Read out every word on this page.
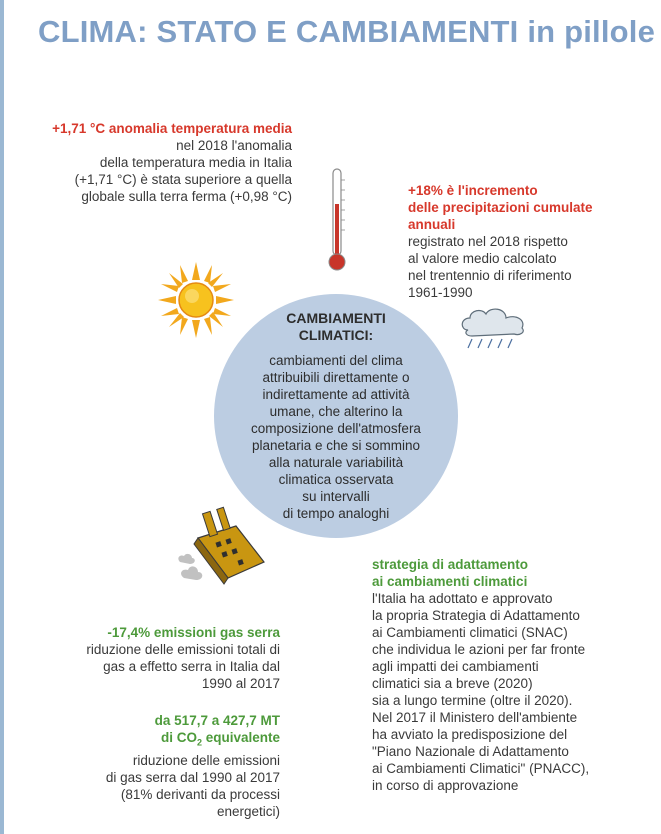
CLIMA: STATO E CAMBIAMENTI in pillole
+1,71 °C anomalia temperatura media
nel 2018 l'anomalia
della temperatura media in Italia
(+1,71 °C) è stata superiore a quella
globale sulla terra ferma (+0,98 °C)	+18% è l'incremento
delle precipitazioni cumulate
annuali
registrato nel 2018 rispetto
al valore medio calcolato
nel trentennio di riferimento
1961-1990
CAMBIAMENTI
CLIMATICI:
cambiamenti del clima
attribuibili direttamente o
indirettamente ad attività
umane, che alterino la
composizione dell'atmosfera
planetaria e che si sommino
alla naturale variabilità
climatica osservata
su intervalli
di tempo analoghi
strategia di adattamento
ai cambiamenti climatici
l'Italia ha adottato e approvato
la propria Strategia di Adattamento
ai Cambiamenti climatici (SNAC)
che individua le azioni per far fronte
agli impatti dei cambiamenti
climatici sia a breve (2020)
sia a lungo termine (oltre il 2020).
Nel 2017 il Ministero dell'ambiente
ha avviato la predisposizione del
"Piano Nazionale di Adattamento
ai Cambiamenti Climatici" (PNACC),
in corso di approvazione
-17,4% emissioni gas serra
riduzione delle emissioni totali di
gas a effetto serra in Italia dal
1990 al 2017
da 517,7 a 427,7 MT
di $CO_2$ equivalente
riduzione delle emissioni
di gas serra dal 1990 al 2017
(81% derivanti da processi
energetici)
